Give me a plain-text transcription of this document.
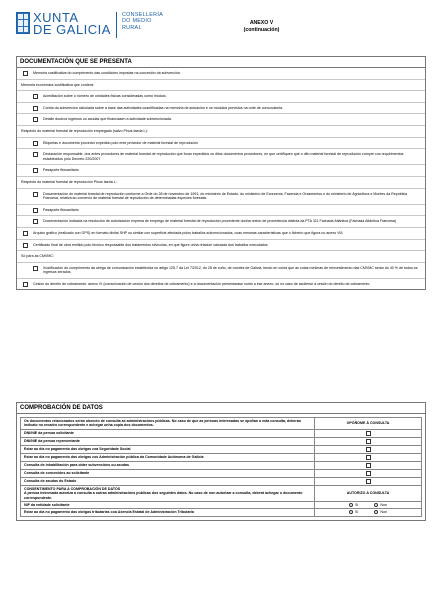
XUNTA
DE GALICIA
CONSELLERÍA
DO MEDIO
RURAL
ANEXO V
(continuación)
DOCUMENTACIÓN QUE SE PRESENTA
Memoria xustificativa do cumprimento das condicións impostas na concesión da subvención.
Memoria económica xustificativa que conterá:
Acreditación sobre o número de unidades físicas consideradas como módulo.
Contía da subvención calculada sobre a base das actividades cuantificadas na memoria de actuación e os módulos previstos na orde de convocatoria.
Detalle doutros ingresos ou axudas que financiasen a actividade subvencionada.
Respecto do material forestal de reprodución empregado (salvo Pinus taeda L):
Etiquetas e documento provedor expedido polo ente provedor de material forestal de reprodución
Declaración responsable, dos entes provedores de material forestal de reprodución que foran expedidos os ditos documentos provedores, en que certifiquen que o dito material forestal de reprodución cumpre cos requirimentos establecidos polo Decreto 220/2007
Pasaporte fitosanitario
Respecto do material forestal de reprodución Pinus taeda L:
Documentación do material forestal de reprodución conforme a Orde do 28 de novembro de 1991, do ministerio de Estado, do ministerio de Economía, Facenda e Orzamentos e do ministerio de Agricultura e Montes da República Francesa, relativa ao comercio de material forestal de reprodución de determinadas especies forestais.
Pasaporte fitosanitario
Documentación indicada na resolución de autorización expresa de emprego de material forestal de reprodución procedente dunha rexión de procedencia distinta da PTA 311 Fachada Atlántica (Fachada Atlántica Francesa)
Arquivo gráfico (realizado con GPS) en formato dixital SHP ou similar con superficie afectada polos traballos subvencionados, coas mesmas características que o ficheiro que figura no anexo VIII.
Certificado final de obra emitido polo técnico responsable dos tratamentos silvícolas, en que figure unha relación valorada dos traballos executados
Só para as CMVMC:
Xustificación do cumprimento da obriga de comunicación establecida no artigo 125.7 da Lei 7/2012, do 28 de xuño, de montes de Galicia, tendo en conta que as cotas mínimas de reinvestimento das CMVMC serán do 40 % de todos os ingresos xerados.
Cesión do dereito de cobramento: anexo VI (comunicación de cesión dos dereitos de cobramento) e a documentación presentarase xunto a ese anexo, só no caso de acollerse á cesión do dereito de cobramento.
COMPROBACIÓN DE DATOS
Os documentos relacionados serán obxecto de consulta ás administracións públicas. No caso de que as persoas interesadas se opoñan a esta consulta, deberán indicalo no recadro correspondente e achegar unha copia dos documentos.	OPÓÑOME Á CONSULTA
DNI/NIE da persoa solicitante	
DNI/NIE da persoa representante	
Estar ao día no pagamento das obrigas coa Seguridade Social	
Estar ao día no pagamento das obrigas cos Administración pública da Comunidade Autónoma de Galicia	
Consulta de inhabilitación para obter subvencións ou axudas	
Consulta de concesións ao solicitante	
Consulta de axudas do Estado	

CONSENTIMENTO PARA A COMPROBACIÓN DE DATOS
A persoa interesada autoriza a consulta a outras administracións públicas dos seguintes datos. No caso de non autorizar a consulta, deberá achegar o documento correspondente.	AUTORIZO A CONSULTA
NIF da entidade solicitante	Sí Non
Estar ao día no pagamento das obrigas tributarias coa Axencia Estatal de Administración Tributaria	Sí Non
